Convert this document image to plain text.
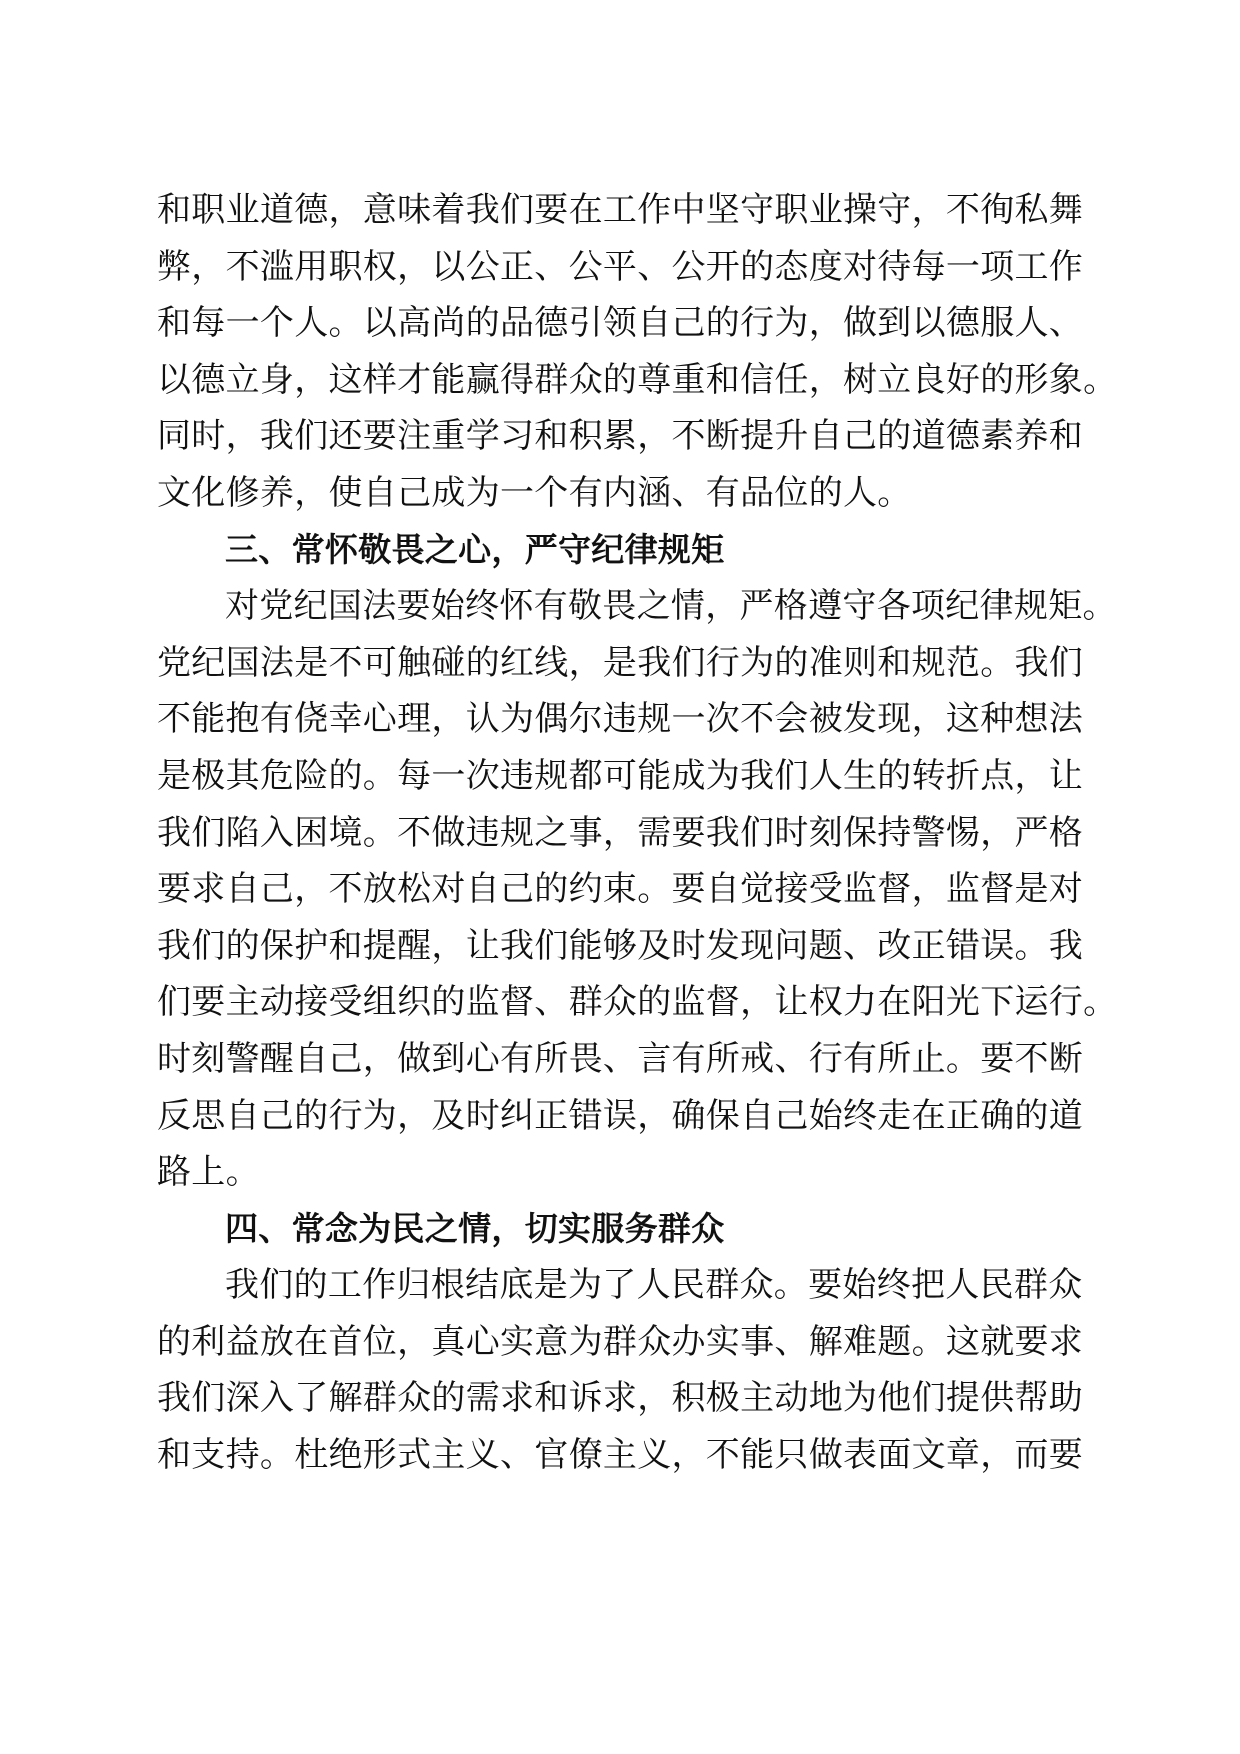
和职业道德，意味着我们要在工作中坚守职业操守，不徇私舞
弊，不滥用职权，以公正、公平、公开的态度对待每一项工作
和每一个人。以高尚的品德引领自己的行为，做到以德服人、
以德立身，这样才能赢得群众的尊重和信任，树立良好的形象。
同时，我们还要注重学习和积累，不断提升自己的道德素养和
文化修养，使自己成为一个有内涵、有品位的人。
三、常怀敬畏之心，严守纪律规矩
对党纪国法要始终怀有敬畏之情，严格遵守各项纪律规矩。
党纪国法是不可触碰的红线，是我们行为的准则和规范。我们
不能抱有侥幸心理，认为偶尔违规一次不会被发现，这种想法
是极其危险的。每一次违规都可能成为我们人生的转折点，让
我们陷入困境。不做违规之事，需要我们时刻保持警惕，严格
要求自己，不放松对自己的约束。要自觉接受监督，监督是对
我们的保护和提醒，让我们能够及时发现问题、改正错误。我
们要主动接受组织的监督、群众的监督，让权力在阳光下运行。
时刻警醒自己，做到心有所畏、言有所戒、行有所止。要不断
反思自己的行为，及时纠正错误，确保自己始终走在正确的道
路上。
四、常念为民之情，切实服务群众
我们的工作归根结底是为了人民群众。要始终把人民群众
的利益放在首位，真心实意为群众办实事、解难题。这就要求
我们深入了解群众的需求和诉求，积极主动地为他们提供帮助
和支持。杜绝形式主义、官僚主义，不能只做表面文章，而要
